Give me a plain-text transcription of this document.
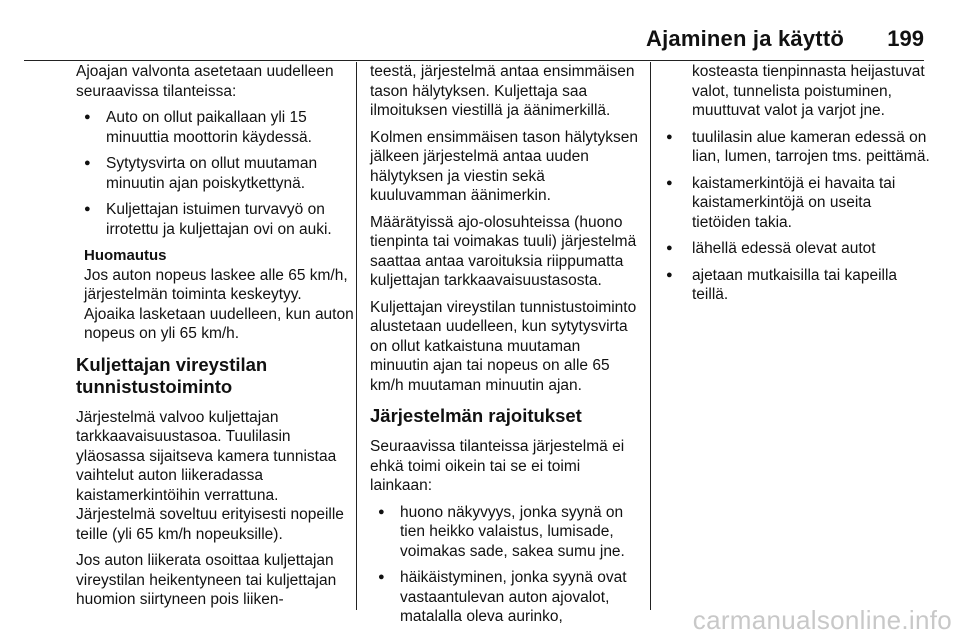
Ajaminen ja käyttö 199

Ajoajan valvonta asetetaan uudelleen seuraavissa tilanteissa:

● Auto on ollut paikallaan yli 15 minuuttia moottorin käydessä.
● Sytytysvirta on ollut muutaman minuutin ajan poiskytkettynä.
● Kuljettajan istuimen turvavyö on irrotettu ja kuljettajan ovi on auki.
Huomautus
Jos auton nopeus laskee alle 65 km/h, järjestelmän toiminta keskeytyy. Ajoaika lasketaan uudelleen, kun auton nopeus on yli 65 km/h.
Kuljettajan vireystilan tunnistustoiminto

Järjestelmä valvoo kuljettajan tarkkaavaisuustasoa. Tuulilasin yläosassa sijaitseva kamera tunnistaa vaihtelut auton liikeradassa kaistamerkintöihin verrattuna. Järjestelmä soveltuu erityisesti nopeille teille (yli 65 km/h nopeuksille).

Jos auton liikerata osoittaa kuljettajan vireystilan heikentyneen tai kuljettajan huomion siirtyneen pois liiken-

teestä, järjestelmä antaa ensimmäisen tason hälytyksen. Kuljettaja saa ilmoituksen viestillä ja äänimerkillä.

Kolmen ensimmäisen tason hälytyksen jälkeen järjestelmä antaa uuden hälytyksen ja viestin sekä kuuluvamman äänimerkin.

Määrätyissä ajo-olosuhteissa (huono tienpinta tai voimakas tuuli) järjestelmä saattaa antaa varoituksia riippumatta kuljettajan tarkkaavaisuustasosta.

Kuljettajan vireystilan tunnistustoiminto alustetaan uudelleen, kun sytytysvirta on ollut katkaistuna muutaman minuutin ajan tai nopeus on alle 65 km/h muutaman minuutin ajan.

Järjestelmän rajoitukset

Seuraavissa tilanteissa järjestelmä ei ehkä toimi oikein tai se ei toimi lainkaan:

● huono näkyvyys, jonka syynä on tien heikko valaistus, lumisade, voimakas sade, sakea sumu jne.
● häikäistyminen, jonka syynä ovat vastaantulevan auton ajovalot, matalalla oleva aurinko,

kosteasta tienpinnasta heijastuvat valot, tunnelista poistuminen, muuttuvat valot ja varjot jne.

● tuulilasin alue kameran edessä on lian, lumen, tarrojen tms. peittämä.
● kaistamerkintöjä ei havaita tai kaistamerkintöjä on useita tietöiden takia.
● lähellä edessä olevat autot
● ajetaan mutkaisilla tai kapeilla teillä.
carmanualsonline.info
